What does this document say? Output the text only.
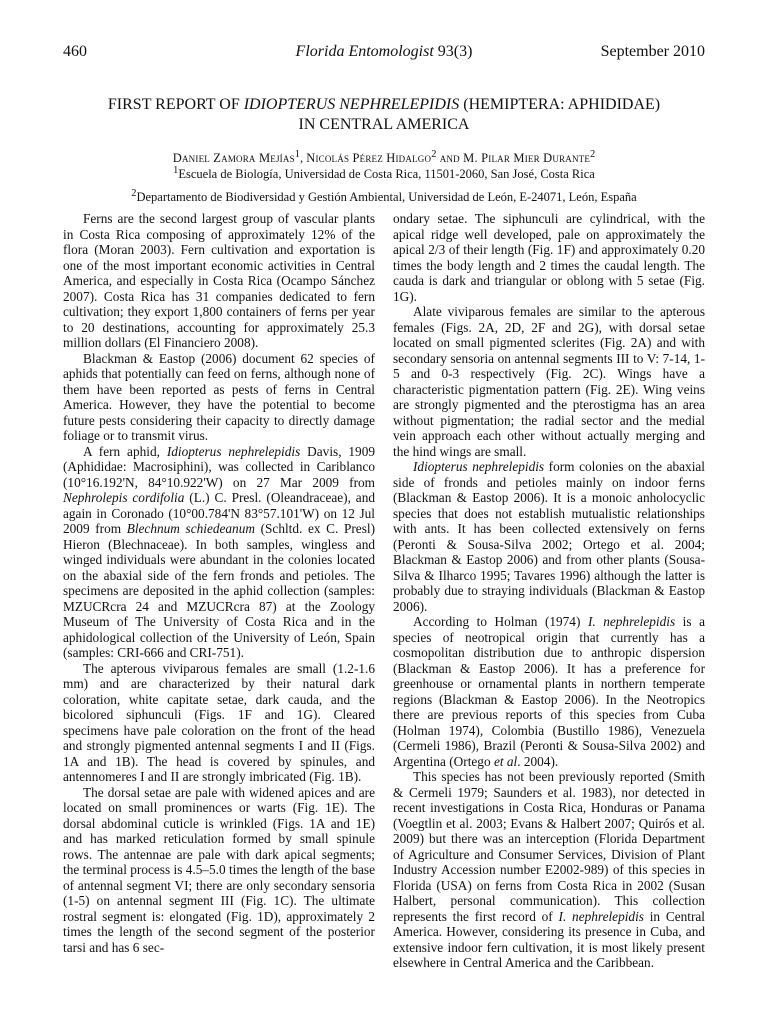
460	Florida Entomologist 93(3)	September 2010
FIRST REPORT OF IDIOPTERUS NEPHRELEPIDIS (HEMIPTERA: APHIDIDAE)
IN CENTRAL AMERICA
Daniel Zamora Mejías$^1$, Nicolás Pérez Hidalgo$^2$ and M. Pilar Mier Durante$^2$
$^1$Escuela de Biología, Universidad de Costa Rica, 11501-2060, San José, Costa Rica
$^2$Departamento de Biodiversidad y Gestión Ambiental, Universidad de León, E-24071, León, España

Ferns are the second largest group of vascular plants in Costa Rica composing of approximately 12% of the flora (Moran 2003). Fern cultivation and exportation is one of the most important economic activities in Central America, and especially in Costa Rica (Ocampo Sánchez 2007). Costa Rica has 31 companies dedicated to fern cultivation; they export 1,800 containers of ferns per year to 20 destinations, accounting for approximately 25.3 million dollars (El Financiero 2008).

Blackman & Eastop (2006) document 62 species of aphids that potentially can feed on ferns, although none of them have been reported as pests of ferns in Central America. However, they have the potential to become future pests considering their capacity to directly damage foliage or to transmit virus.

A fern aphid, Idiopterus nephrelepidis Davis, 1909 (Aphididae: Macrosiphini), was collected in Cariblanco (10°16.192'N, 84°10.922'W) on 27 Mar 2009 from Nephrolepis cordifolia (L.) C. Presl. (Oleandraceae), and again in Coronado (10°00.784'N 83°57.101'W) on 12 Jul 2009 from Blechnum schiedeanum (Schltd. ex C. Presl) Hieron (Blechnaceae). In both samples, wingless and winged individuals were abundant in the colonies located on the abaxial side of the fern fronds and petioles. The specimens are deposited in the aphid collection (samples: MZUCRcra 24 and MZUCRcra 87) at the Zoology Museum of The University of Costa Rica and in the aphidological collection of the University of León, Spain (samples: CRI-666 and CRI-751).

The apterous viviparous females are small (1.2-1.6 mm) and are characterized by their natural dark coloration, white capitate setae, dark cauda, and the bicolored siphunculi (Figs. 1F and 1G). Cleared specimens have pale coloration on the front of the head and strongly pigmented antennal segments I and II (Figs. 1A and 1B). The head is covered by spinules, and antennomeres I and II are strongly imbricated (Fig. 1B).

The dorsal setae are pale with widened apices and are located on small prominences or warts (Fig. 1E). The dorsal abdominal cuticle is wrinkled (Figs. 1A and 1E) and has marked reticulation formed by small spinule rows. The antennae are pale with dark apical segments; the terminal process is 4.5–5.0 times the length of the base of antennal segment VI; there are only secondary sensoria (1-5) on antennal segment III (Fig. 1C). The ultimate rostral segment is: elongated (Fig. 1D), approximately 2 times the length of the second segment of the posterior tarsi and has 6 sec-

ondary setae. The siphunculi are cylindrical, with the apical ridge well developed, pale on approximately the apical 2/3 of their length (Fig. 1F) and approximately 0.20 times the body length and 2 times the caudal length. The cauda is dark and triangular or oblong with 5 setae (Fig. 1G).

Alate viviparous females are similar to the apterous females (Figs. 2A, 2D, 2F and 2G), with dorsal setae located on small pigmented sclerites (Fig. 2A) and with secondary sensoria on antennal segments III to V: 7-14, 1-5 and 0-3 respectively (Fig. 2C). Wings have a characteristic pigmentation pattern (Fig. 2E). Wing veins are strongly pigmented and the pterostigma has an area without pigmentation; the radial sector and the medial vein approach each other without actually merging and the hind wings are small.

Idiopterus nephrelepidis form colonies on the abaxial side of fronds and petioles mainly on indoor ferns (Blackman & Eastop 2006). It is a monoic anholocyclic species that does not establish mutualistic relationships with ants. It has been collected extensively on ferns (Peronti & Sousa-Silva 2002; Ortego et al. 2004; Blackman & Eastop 2006) and from other plants (Sousa-Silva & Ilharco 1995; Tavares 1996) although the latter is probably due to straying individuals (Blackman & Eastop 2006).

According to Holman (1974) I. nephrelepidis is a species of neotropical origin that currently has a cosmopolitan distribution due to anthropic dispersion (Blackman & Eastop 2006). It has a preference for greenhouse or ornamental plants in northern temperate regions (Blackman & Eastop 2006). In the Neotropics there are previous reports of this species from Cuba (Holman 1974), Colombia (Bustillo 1986), Venezuela (Cermeli 1986), Brazil (Peronti & Sousa-Silva 2002) and Argentina (Ortego et al. 2004).

This species has not been previously reported (Smith & Cermeli 1979; Saunders et al. 1983), nor detected in recent investigations in Costa Rica, Honduras or Panama (Voegtlin et al. 2003; Evans & Halbert 2007; Quirós et al. 2009) but there was an interception (Florida Department of Agriculture and Consumer Services, Division of Plant Industry Accession number E2002-989) of this species in Florida (USA) on ferns from Costa Rica in 2002 (Susan Halbert, personal communication). This collection represents the first record of I. nephrelepidis in Central America. However, considering its presence in Cuba, and extensive indoor fern cultivation, it is most likely present elsewhere in Central America and the Caribbean.
